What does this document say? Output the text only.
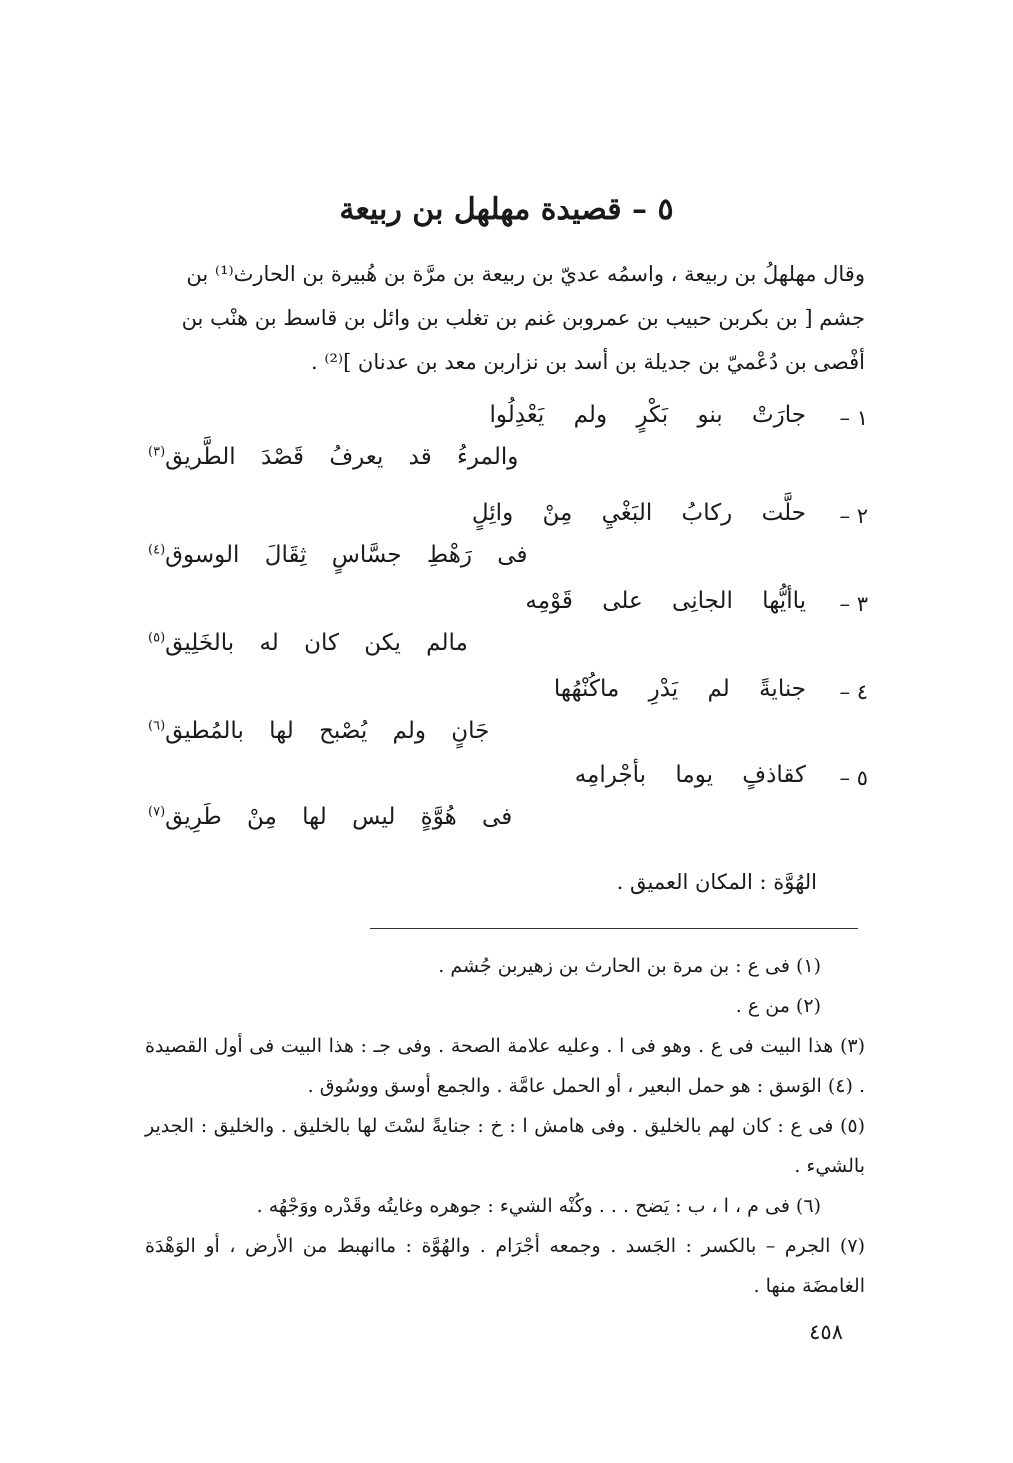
٥ – قصيدة مهلهل بن ربيعة

وقال مهلهلُ بن ربيعة ، واسمُه عديّ بن ربيعة بن مرَّة بن هُبيرة بن الحارث⁽¹⁾ بن

جشم [ بن بكربن حبيب بن عمروبن غنم بن تغلب بن وائل بن قاسط بن هنْب بن

أفْصى بن دُعْميّ بن جديلة بن أسد بن نزاربن معد بن عدنان ]⁽²⁾ .

١ –
جارَتْ بنو بَكْرٍ ولم يَعْدِلُوا
والمرءُ قد يعرفُ قَصْدَ الطَّريق$^{(٣)}$
٢ –
حلَّت ركابُ البَغْيِ مِنْ وائِلٍ
فى رَهْطِ جسَّاسٍ ثِقَالَ الوسوق$^{(٤)}$
٣ –
ياأيُّها الجانِى على قَوْمِه
مالم يكن كان له بالخَلِيق$^{(٥)}$
٤ –
جنايةً لم يَدْرِ ماكُنْهُها
جَانٍ ولم يُصْبح لها بالمُطيق$^{(٦)}$
٥ –
كقاذفٍ يوما بأجْرامِه
فى هُوَّةٍ ليس لها مِنْ طَرِيق$^{(٧)}$
الهُوَّة : المكان العميق .

(١) فى ع : بن مرة بن الحارث بن زهيربن جُشم .

(٢) من ع .

(٣) هذا البيت فى ع . وهو فى ا . وعليه علامة الصحة . وفى جـ : هذا البيت فى أول القصيدة . (٤) الوَسق : هو حمل البعير ، أو الحمل عامَّة . والجمع أوسق ووسُوق .

(٥) فى ع : كان لهم بالخليق . وفى هامش ا : خ : جنايةً لسْتَ لها بالخليق . والخليق : الجدير بالشيء .

(٦) فى م ، ا ، ب : يَضح . . . وكُنْه الشيء : جوهره وغايتُه وقَدْره ووَجْهُه .

(٧) الجرم – بالكسر : الجَسد . وجمعه أجْرَام . والهُوَّة : ماانهبط من الأرض ، أو الوَهْدَة الغامضَة منها .

٤٥٨
